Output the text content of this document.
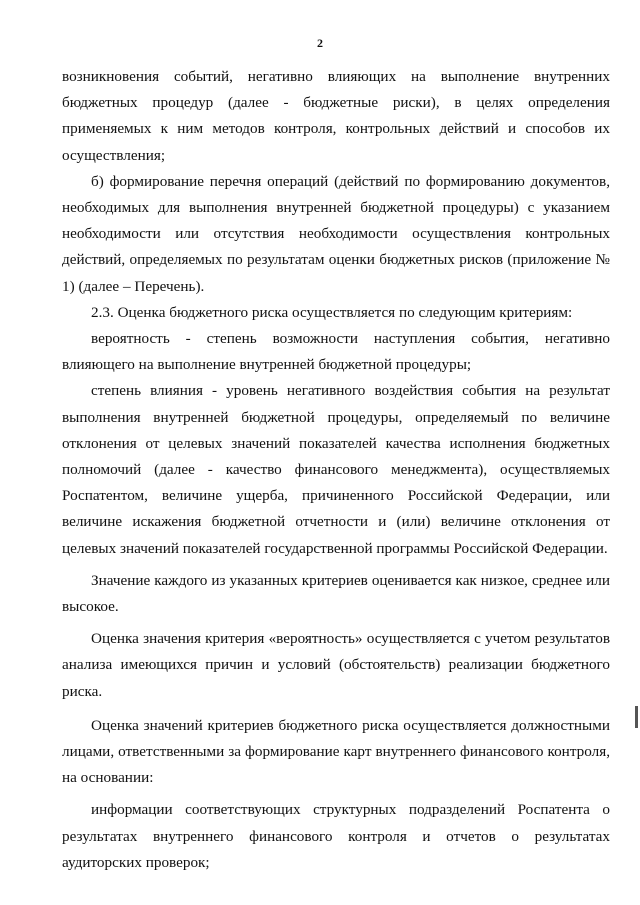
2

возникновения событий, негативно влияющих на выполнение внутренних бюджетных процедур (далее - бюджетные риски), в целях определения применяемых к ним методов контроля, контрольных действий и способов их осуществления;

б) формирование перечня операций (действий по формированию документов, необходимых для выполнения внутренней бюджетной процедуры) с указанием необходимости или отсутствия необходимости осуществления контрольных действий, определяемых по результатам оценки бюджетных рисков (приложение № 1) (далее – Перечень).

2.3. Оценка бюджетного риска осуществляется по следующим критериям:

вероятность - степень возможности наступления события, негативно влияющего на выполнение внутренней бюджетной процедуры;

степень влияния - уровень негативного воздействия события на результат выполнения внутренней бюджетной процедуры, определяемый по величине отклонения от целевых значений показателей качества исполнения бюджетных полномочий (далее - качество финансового менеджмента), осуществляемых Роспатентом, величине ущерба, причиненного Российской Федерации, или величине искажения бюджетной отчетности и (или) величине отклонения от целевых значений показателей государственной программы Российской Федерации.

Значение каждого из указанных критериев оценивается как низкое, среднее или высокое.

Оценка значения критерия «вероятность» осуществляется с учетом результатов анализа имеющихся причин и условий (обстоятельств) реализации бюджетного риска.

Оценка значений критериев бюджетного риска осуществляется должностными лицами, ответственными за формирование карт внутреннего финансового контроля, на основании:

информации соответствующих структурных подразделений Роспатента о результатах внутреннего финансового контроля и отчетов о результатах аудиторских проверок;
